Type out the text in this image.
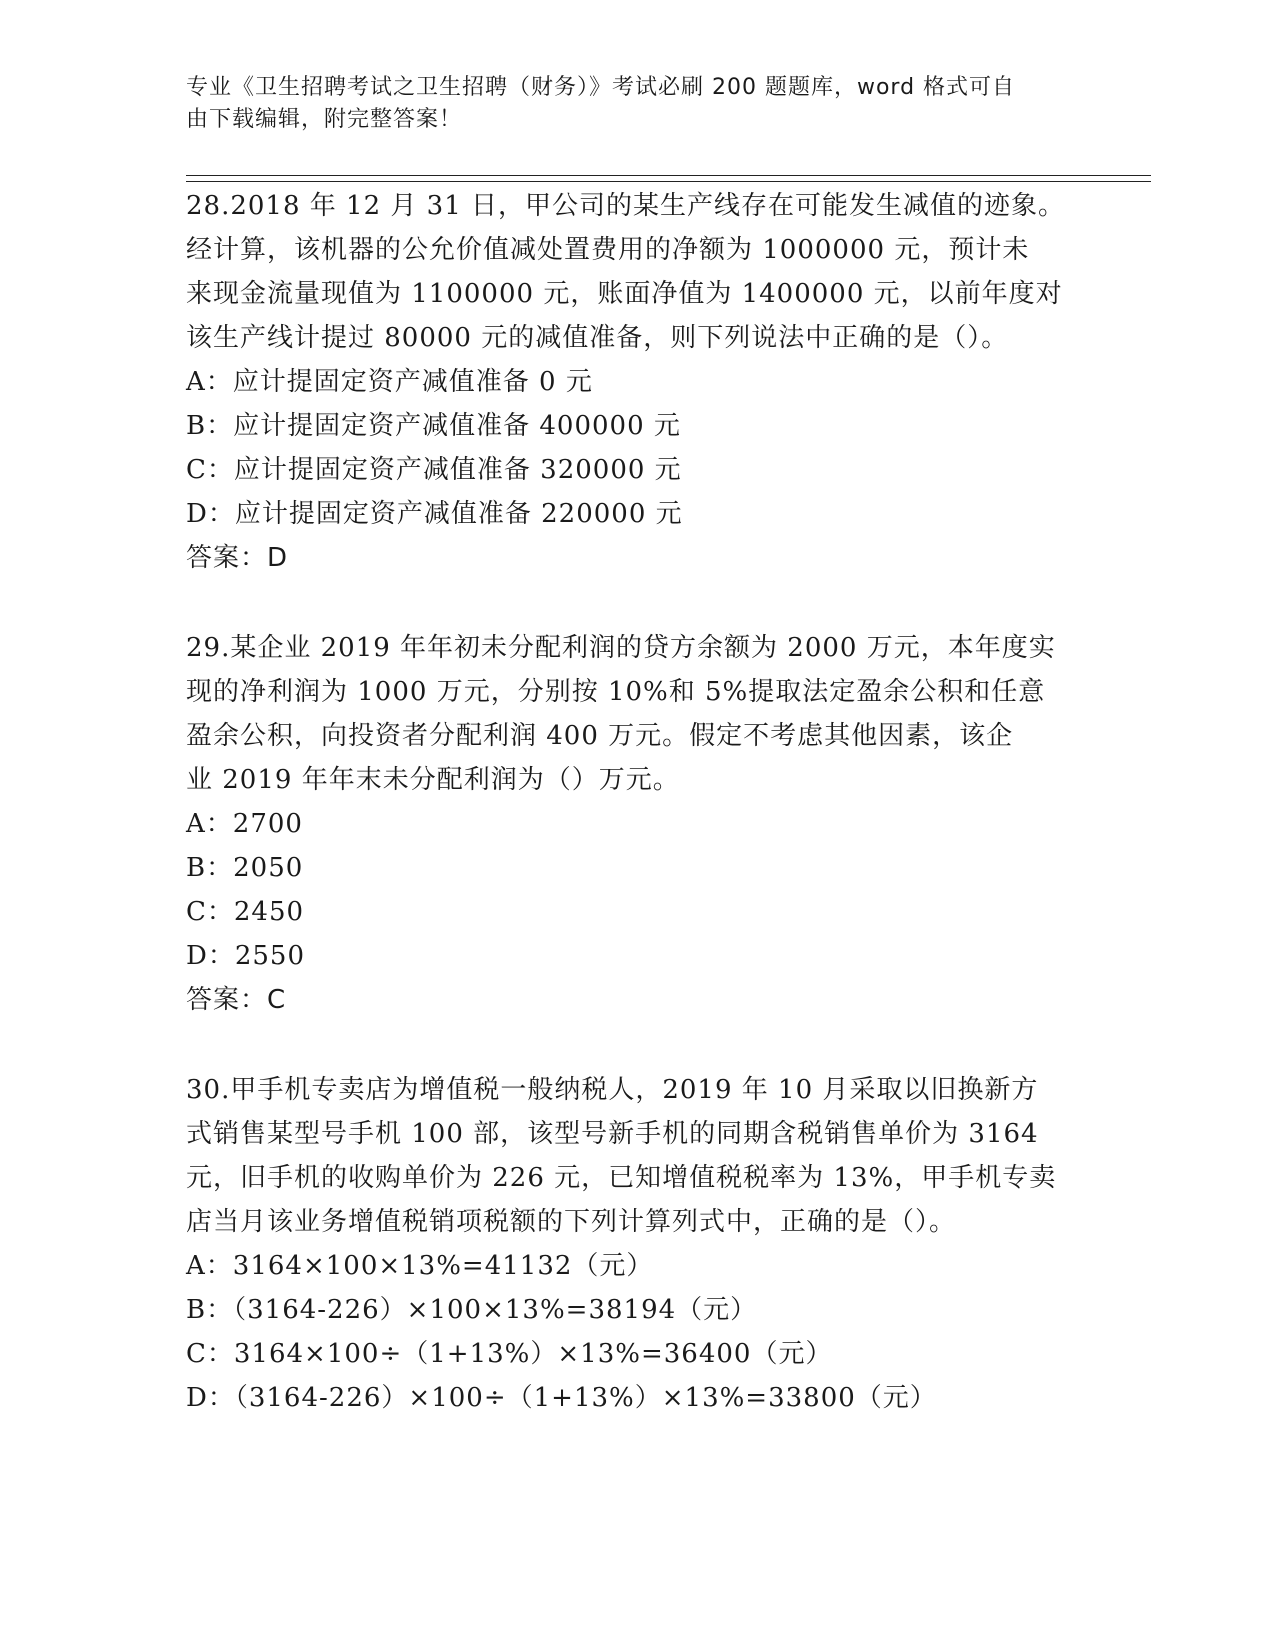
专业《卫生招聘考试之卫生招聘（财务）》考试必刷 200 题题库，word 格式可自
由下载编辑，附完整答案！
28.2018 年 12 月 31 日，甲公司的某生产线存在可能发生减值的迹象。
经计算，该机器的公允价值减处置费用的净额为 1000000 元，预计未
来现金流量现值为 1100000 元，账面净值为 1400000 元，以前年度对
该生产线计提过 80000 元的减值准备，则下列说法中正确的是（）。
A：应计提固定资产减值准备 0 元
B：应计提固定资产减值准备 400000 元
C：应计提固定资产减值准备 320000 元
D：应计提固定资产减值准备 220000 元
答案：D
29.某企业 2019 年年初未分配利润的贷方余额为 2000 万元，本年度实
现的净利润为 1000 万元，分别按 10%和 5%提取法定盈余公积和任意
盈余公积，向投资者分配利润 400 万元。假定不考虑其他因素，该企
业 2019 年年末未分配利润为（）万元。
A：2700
B：2050
C：2450
D：2550
答案：C
30.甲手机专卖店为增值税一般纳税人，2019 年 10 月采取以旧换新方
式销售某型号手机 100 部，该型号新手机的同期含税销售单价为 3164
元，旧手机的收购单价为 226 元，已知增值税税率为 13%，甲手机专卖
店当月该业务增值税销项税额的下列计算列式中，正确的是（）。
A：3164×100×13%=41132（元）
B：（3164-226）×100×13%=38194（元）
C：3164×100÷（1+13%）×13%=36400（元）
D：（3164-226）×100÷（1+13%）×13%=33800（元）
